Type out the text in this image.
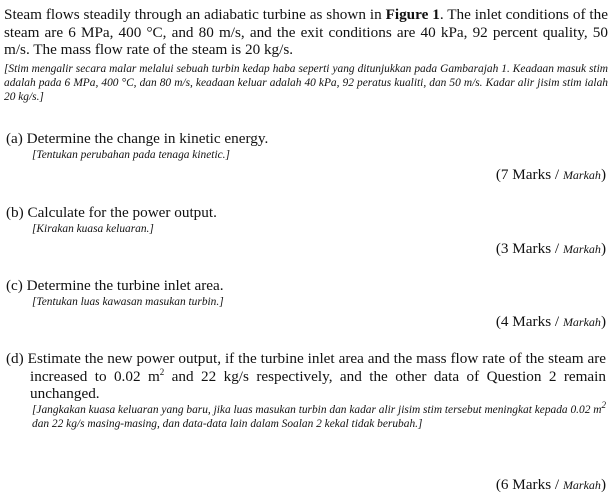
Steam flows steadily through an adiabatic turbine as shown in Figure 1. The inlet conditions of the steam are 6 MPa, 400 °C, and 80 m/s, and the exit conditions are 40 kPa, 92 percent quality, 50 m/s. The mass flow rate of the steam is 20 kg/s.
[Stim mengalir secara malar melalui sebuah turbin kedap haba seperti yang ditunjukkan pada Gambarajah 1. Keadaan masuk stim adalah pada 6 MPa, 400 °C, dan 80 m/s, keadaan keluar adalah 40 kPa, 92 peratus kualiti, dan 50 m/s. Kadar alir jisim stim ialah 20 kg/s.]
(a) Determine the change in kinetic energy.
[Tentukan perubahan pada tenaga kinetic.]
(7 Marks / Markah)
(b) Calculate for the power output.
[Kirakan kuasa keluaran.]
(3 Marks / Markah)
(c) Determine the turbine inlet area.
[Tentukan luas kawasan masukan turbin.]
(4 Marks / Markah)
(d) Estimate the new power output, if the turbine inlet area and the mass flow rate of the steam are increased to 0.02 $m^2$ and 22 kg/s respectively, and the other data of Question 2 remain unchanged.
[Jangkakan kuasa keluaran yang baru, jika luas masukan turbin dan kadar alir jisim stim tersebut meningkat kepada 0.02 $m^2$ dan 22 kg/s masing-masing, dan data-data lain dalam Soalan 2 kekal tidak berubah.]
(6 Marks / Markah)
